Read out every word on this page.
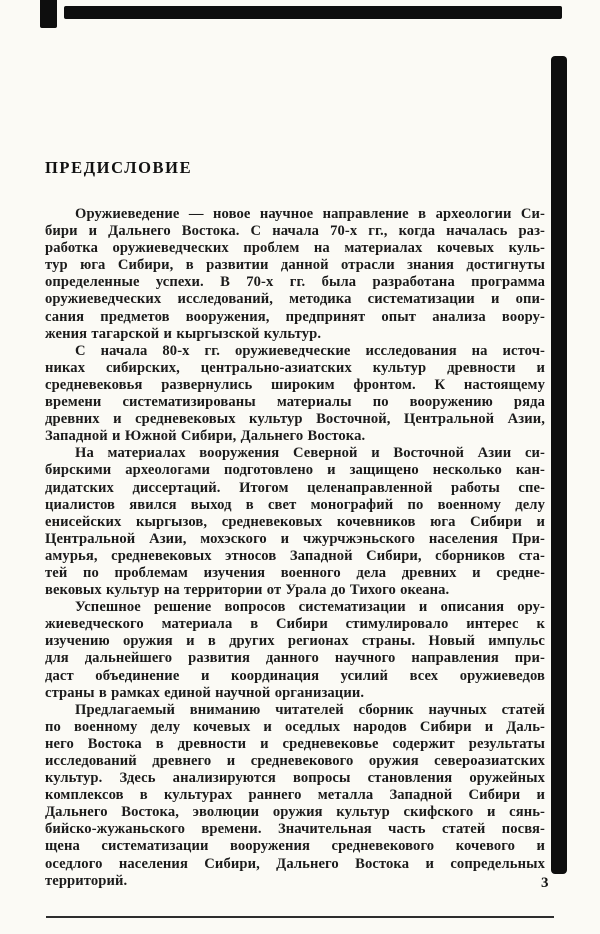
ПРЕДИСЛОВИЕ
Оружиеведение — новое научное направление в археологии Си-
бири и Дальнего Востока. С начала 70-х гг., когда началась раз-
работка оружиеведческих проблем на материалах кочевых куль-
тур юга Сибири, в развитии данной отрасли знания достигнуты
определенные успехи. В 70-х гг. была разработана программа
оружиеведческих исследований, методика систематизации и опи-
сания предметов вооружения, предпринят опыт анализа воору-
жения тагарской и кыргызской культур.
С начала 80-х гг. оружиеведческие исследования на источ-
никах сибирских, центрально-азиатских культур древности и
средневековья развернулись широким фронтом. К настоящему
времени систематизированы материалы по вооружению ряда
древних и средневековых культур Восточной, Центральной Азии,
Западной и Южной Сибири, Дальнего Востока.
На материалах вооружения Северной и Восточной Азии си-
бирскими археологами подготовлено и защищено несколько кан-
дидатских диссертаций. Итогом целенаправленной работы спе-
циалистов явился выход в свет монографий по военному делу
енисейских кыргызов, средневековых кочевников юга Сибири и
Центральной Азии, мохэского и чжурчжэньского населения При-
амурья, средневековых этносов Западной Сибири, сборников ста-
тей по проблемам изучения военного дела древних и средне-
вековых культур на территории от Урала до Тихого океана.
Успешное решение вопросов систематизации и описания ору-
жиеведческого материала в Сибири стимулировало интерес к
изучению оружия и в других регионах страны. Новый импульс
для дальнейшего развития данного научного направления при-
даст объединение и координация усилий всех оружиеведов
страны в рамках единой научной организации.
Предлагаемый вниманию читателей сборник научных статей
по военному делу кочевых и оседлых народов Сибири и Даль-
него Востока в древности и средневековье содержит результаты
исследований древнего и средневекового оружия североазиатских
культур. Здесь анализируются вопросы становления оружейных
комплексов в культурах раннего металла Западной Сибири и
Дальнего Востока, эволюции оружия культур скифского и сянь-
бийско-жужаньского времени. Значительная часть статей посвя-
щена систематизации вооружения средневекового кочевого и
оседлого населения Сибири, Дальнего Востока и сопредельных
территорий.	3
